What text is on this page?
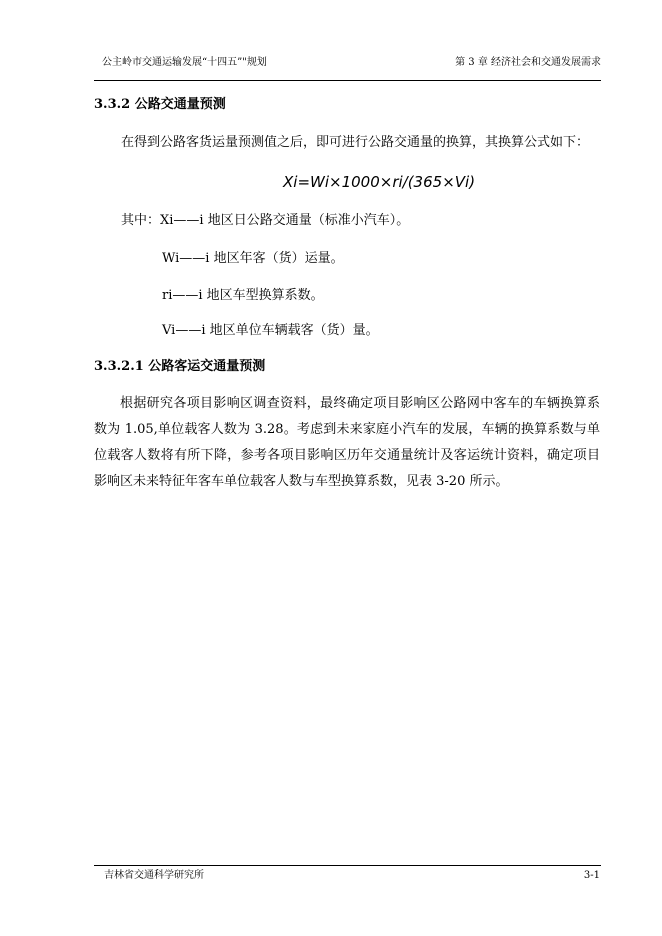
公主岭市交通运输发展“十四五”"规划	第 3 章 经济社会和交通发展需求
3.3.2 公路交通量预测
在得到公路客货运量预测值之后，即可进行公路交通量的换算，其换算公式如下：
Xi=Wi×1000×ri/(365×Vi)
其中：Xi——i 地区日公路交通量（标准小汽车）。
Wi——i 地区年客（货）运量。
ri——i 地区车型换算系数。
Vi——i 地区单位车辆载客（货）量。
3.3.2.1 公路客运交通量预测
根据研究各项目影响区调查资料，最终确定项目影响区公路网中客车的车辆换算系数为 1.05,单位载客人数为 3.28。考虑到未来家庭小汽车的发展，车辆的换算系数与单位载客人数将有所下降，参考各项目影响区历年交通量统计及客运统计资料，确定项目影响区未来特征年客车单位载客人数与车型换算系数，见表 3-20 所示。
吉林省交通科学研究所	3-1
